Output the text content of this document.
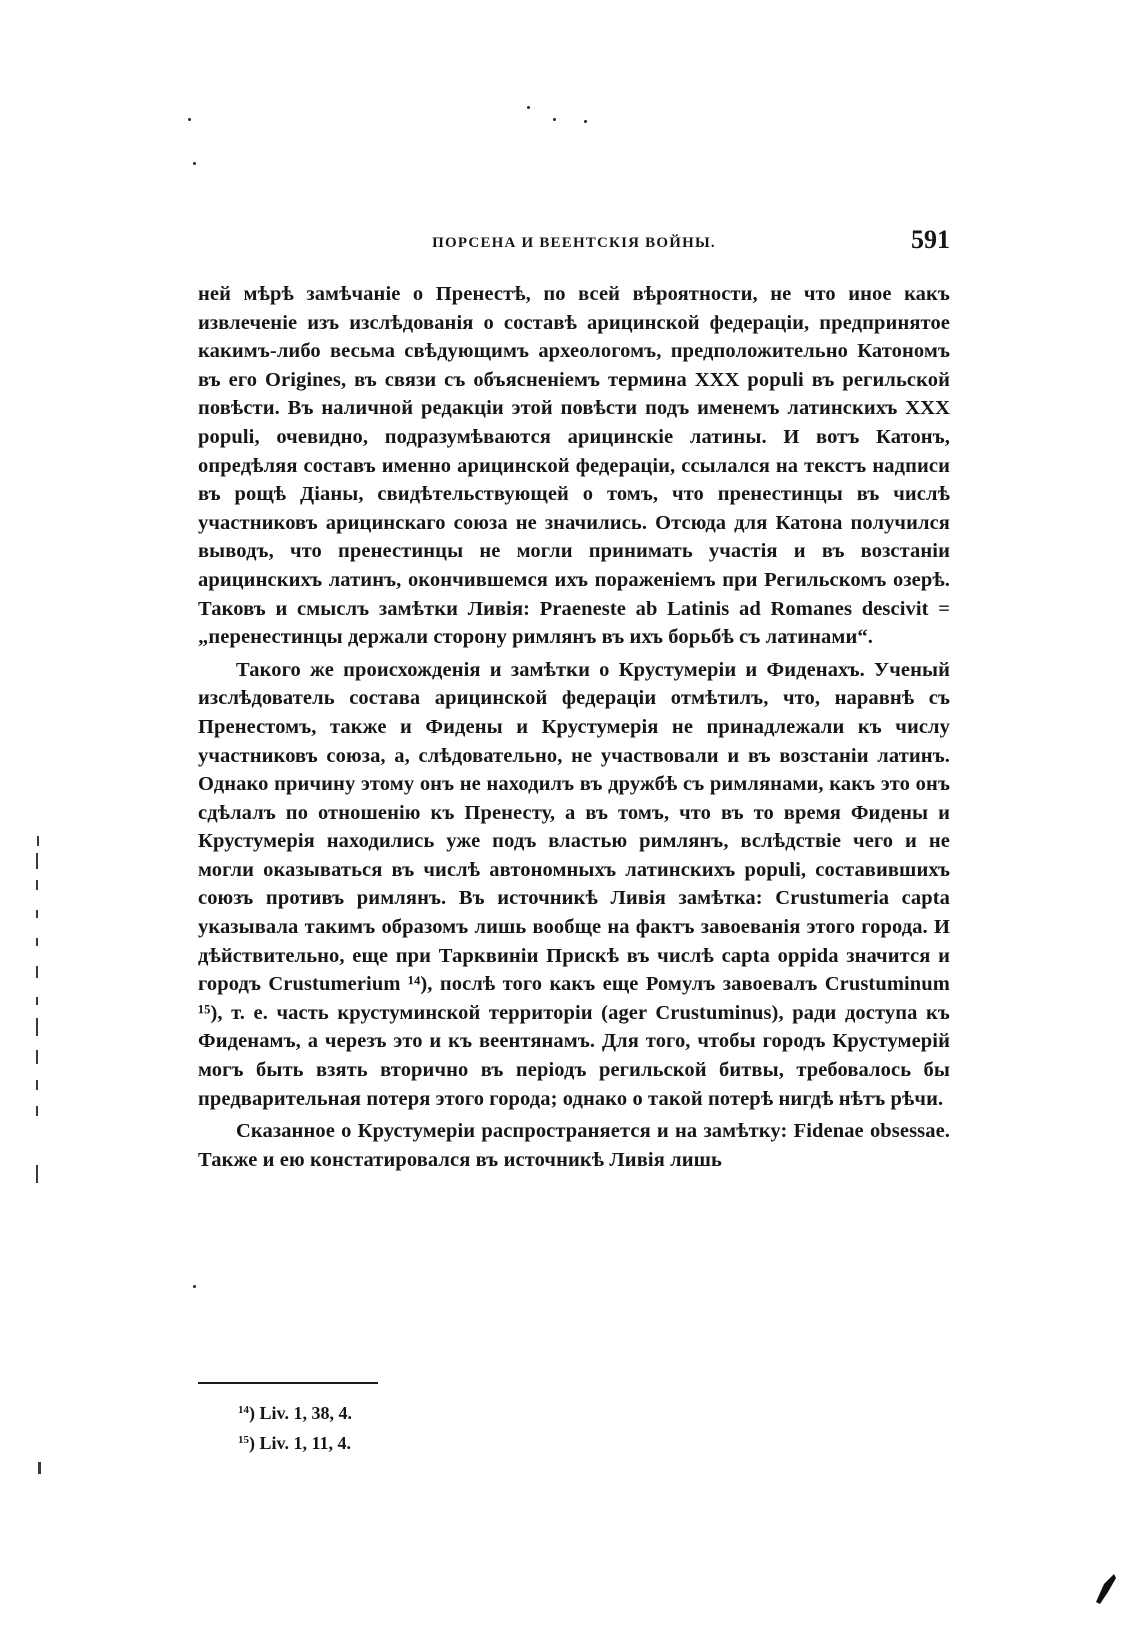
ПОРСЕНА И ВЕЕНТСКІЯ ВОЙНЫ.	591

ней мѣрѣ замѣчаніе о Пренестѣ, по всей вѣроятности, не что иное какъ извлеченіе изъ изслѣдованія о составѣ арицинской федераціи, предпринятое какимъ-либо весьма свѣдующимъ археологомъ, предположительно Катономъ въ его Origines, въ связи съ объясненіемъ термина XXX populi въ регильской повѣсти. Въ наличной редакціи этой повѣсти подъ именемъ латинскихъ XXX populi, очевидно, подразумѣваются арицинскіе латины. И вотъ Катонъ, опредѣляя составъ именно арицинской федераціи, ссылался на текстъ надписи въ рощѣ Діаны, свидѣтельствующей о томъ, что пренестинцы въ числѣ участниковъ арицинскаго союза не значились. Отсюда для Катона получился выводъ, что пренестинцы не могли принимать участія и въ возстаніи арицинскихъ латинъ, окончившемся ихъ пораженіемъ при Регильскомъ озерѣ. Таковъ и смыслъ замѣтки Ливія: Praeneste ab Latinis ad Romanes descivit = „перенестинцы держали сторону римлянъ въ ихъ борьбѣ съ латинами“.

Такого же происхожденія и замѣтки о Крустумеріи и Фиденахъ. Ученый изслѣдователь состава арицинской федераціи отмѣтилъ, что, наравнѣ съ Пренестомъ, также и Фидены и Крустумерія не принадлежали къ числу участниковъ союза, а, слѣдовательно, не участвовали и въ возстаніи латинъ. Однако причину этому онъ не находилъ въ дружбѣ съ римлянами, какъ это онъ сдѣлалъ по отношенію къ Пренесту, а въ томъ, что въ то время Фидены и Крустумерія находились уже подъ властью римлянъ, вслѣдствіе чего и не могли оказываться въ числѣ автономныхъ латинскихъ populi, составившихъ союзъ противъ римлянъ. Въ источникѣ Ливія замѣтка: Crustumeria capta указывала такимъ образомъ лишь вообще на фактъ завоеванія этого города. И дѣйствительно, еще при Тарквиніи Прискѣ въ числѣ capta oppida значится и городъ Crustumerium ¹⁴), послѣ того какъ еще Ромулъ завоевалъ Crustuminum ¹⁵), т. е. часть крустуминской территоріи (ager Crustuminus), ради доступа къ Фиденамъ, а черезъ это и къ веентянамъ. Для того, чтобы городъ Крустумерій могъ быть взять вторично въ періодъ регильской битвы, требовалось бы предварительная потеря этого города; однако о такой потерѣ нигдѣ нѣтъ рѣчи.

Сказанное о Крустумеріи распространяется и на замѣтку: Fidenae obsessae. Также и ею констатировался въ источникѣ Ливія лишь

$^{14}$) Liv. 1, 38, 4.
$^{15}$) Liv. 1, 11, 4.
